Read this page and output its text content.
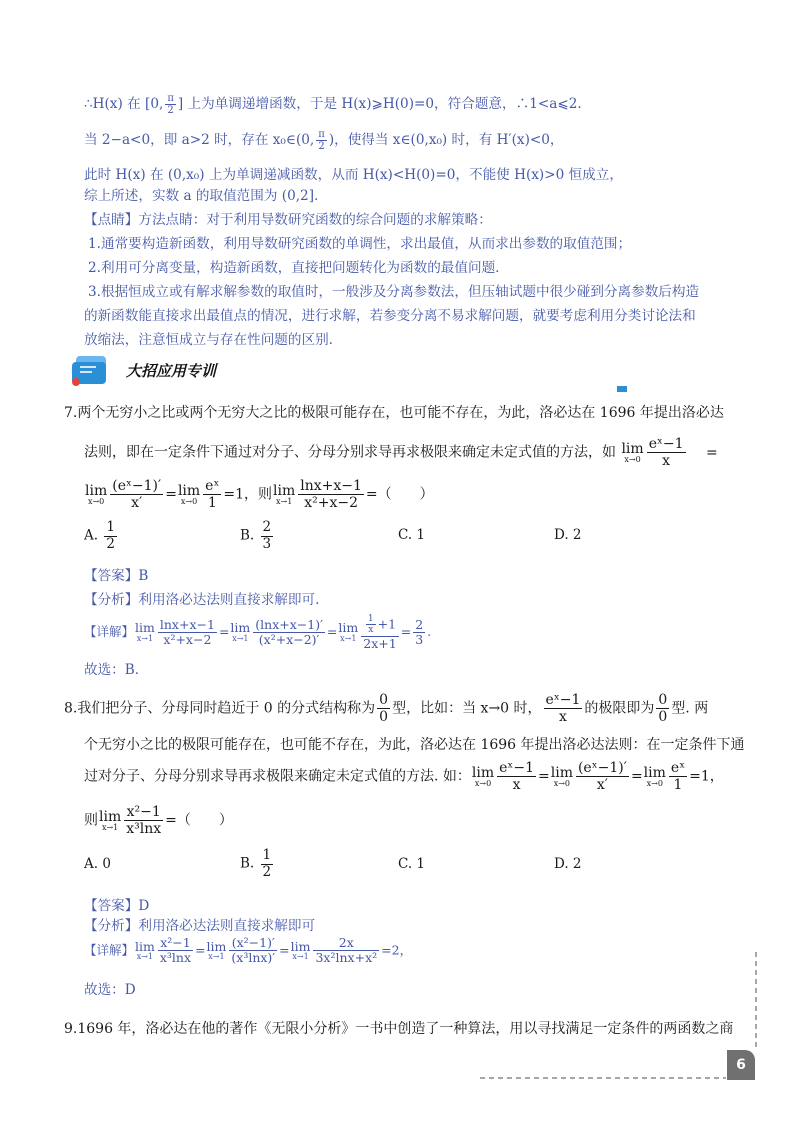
∴H(x) 在 [0, $\frac{\pi}{2}$ ] 上为单调递增函数，于是 H(x)⩾H(0)=0，符合题意，∴1<a⩽2.
当 2−a<0，即 a>2 时，存在 x₀∈(0, $\frac{\pi}{2}$ )，使得当 x∈(0,x₀) 时，有 H′(x)<0，
此时 H(x) 在 (0,x₀) 上为单调递减函数，从而 H(x)<H(0)=0，不能使 H(x)>0 恒成立，
综上所述，实数 a 的取值范围为 (0,2].
【点睛】方法点睛：对于利用导数研究函数的综合问题的求解策略：
1.通常要构造新函数，利用导数研究函数的单调性，求出最值，从而求出参数的取值范围；
2.利用可分离变量，构造新函数，直接把问题转化为函数的最值问题.
3.根据恒成立或有解求解参数的取值时，一般涉及分离参数法，但压轴试题中很少碰到分离参数后构造
的新函数能直接求出最值点的情况，进行求解，若参变分离不易求解问题，就要考虑利用分类讨论法和
放缩法，注意恒成立与存在性问题的区别.
大招应用专训
7.两个无穷小之比或两个无穷大之比的极限可能存在，也可能不存在，为此，洛必达在 1696 年提出洛必达
法则，即在一定条件下通过对分子、分母分别求导再求极限来确定未定式值的方法，如 lim
$x\to 0 \frac{\text{eˣ−1}}{x}$ =
lim
$x\to 0 \frac{\text{(eˣ−1)′}}{x'} = \lim$
$x\to 0 \frac{\text{eˣ}}{1} =1$，则 lim
$x\to 1 \frac{\ln x+x-1}{\text{x²+x−2}}$ =（　　）
A. $\frac{1}{2}$	B. $\frac{2}{3}$	C. 1	D. 2
【答案】B
【分析】利用洛必达法则直接求解即可.
【详解】 lim
$x\to 1 \frac{\ln x+x-1}{\text{x²+x−2}} = \lim$
$x\to 1 \frac{(\ln x+x-1)'}{\text{(x²+x−2)′}} = \lim$
$x\to 1 \frac{\frac{1}{x} +1}{2x+1} = \frac{2}{3}$ .
故选：B.
8.我们把分子、分母同时趋近于 0 的分式结构称为 $\frac{0}{0}$ 型，比如：当 x→0 时， $\frac{\text{eˣ−1}}{x}$ 的极限即为 $\frac{0}{0}$ 型. 两
个无穷小之比的极限可能存在，也可能不存在，为此，洛必达在 1696 年提出洛必达法则：在一定条件下通
过对分子、分母分别求导再求极限来确定未定式值的方法. 如： lim
$x\to 0 \frac{\text{eˣ−1}}{x} = \lim$
$x\to 0 \frac{\text{(eˣ−1)′}}{x'} = \lim$
$x\to 0 \frac{\text{eˣ}}{1} =1$，
则 lim
$x\to 1 \frac{\text{x²−1}}{\text{x³lnx}}$ =（　　）
A. 0	B. $\frac{1}{2}$	C. 1	D. 2
【答案】D
【分析】利用洛必达法则直接求解即可
【详解】 lim
$x\to 1 \frac{\text{x²−1}}{\text{x³lnx}} = \lim$
$x\to 1 \frac{\text{(x²−1)′}}{\text{(x³lnx)′}} = \lim$
$x\to 1 \frac{2x}{\text{3x²lnx+x²}} =2$，
故选：D
9.1696 年，洛必达在他的著作《无限小分析》一书中创造了一种算法，用以寻找满足一定条件的两函数之商
6
